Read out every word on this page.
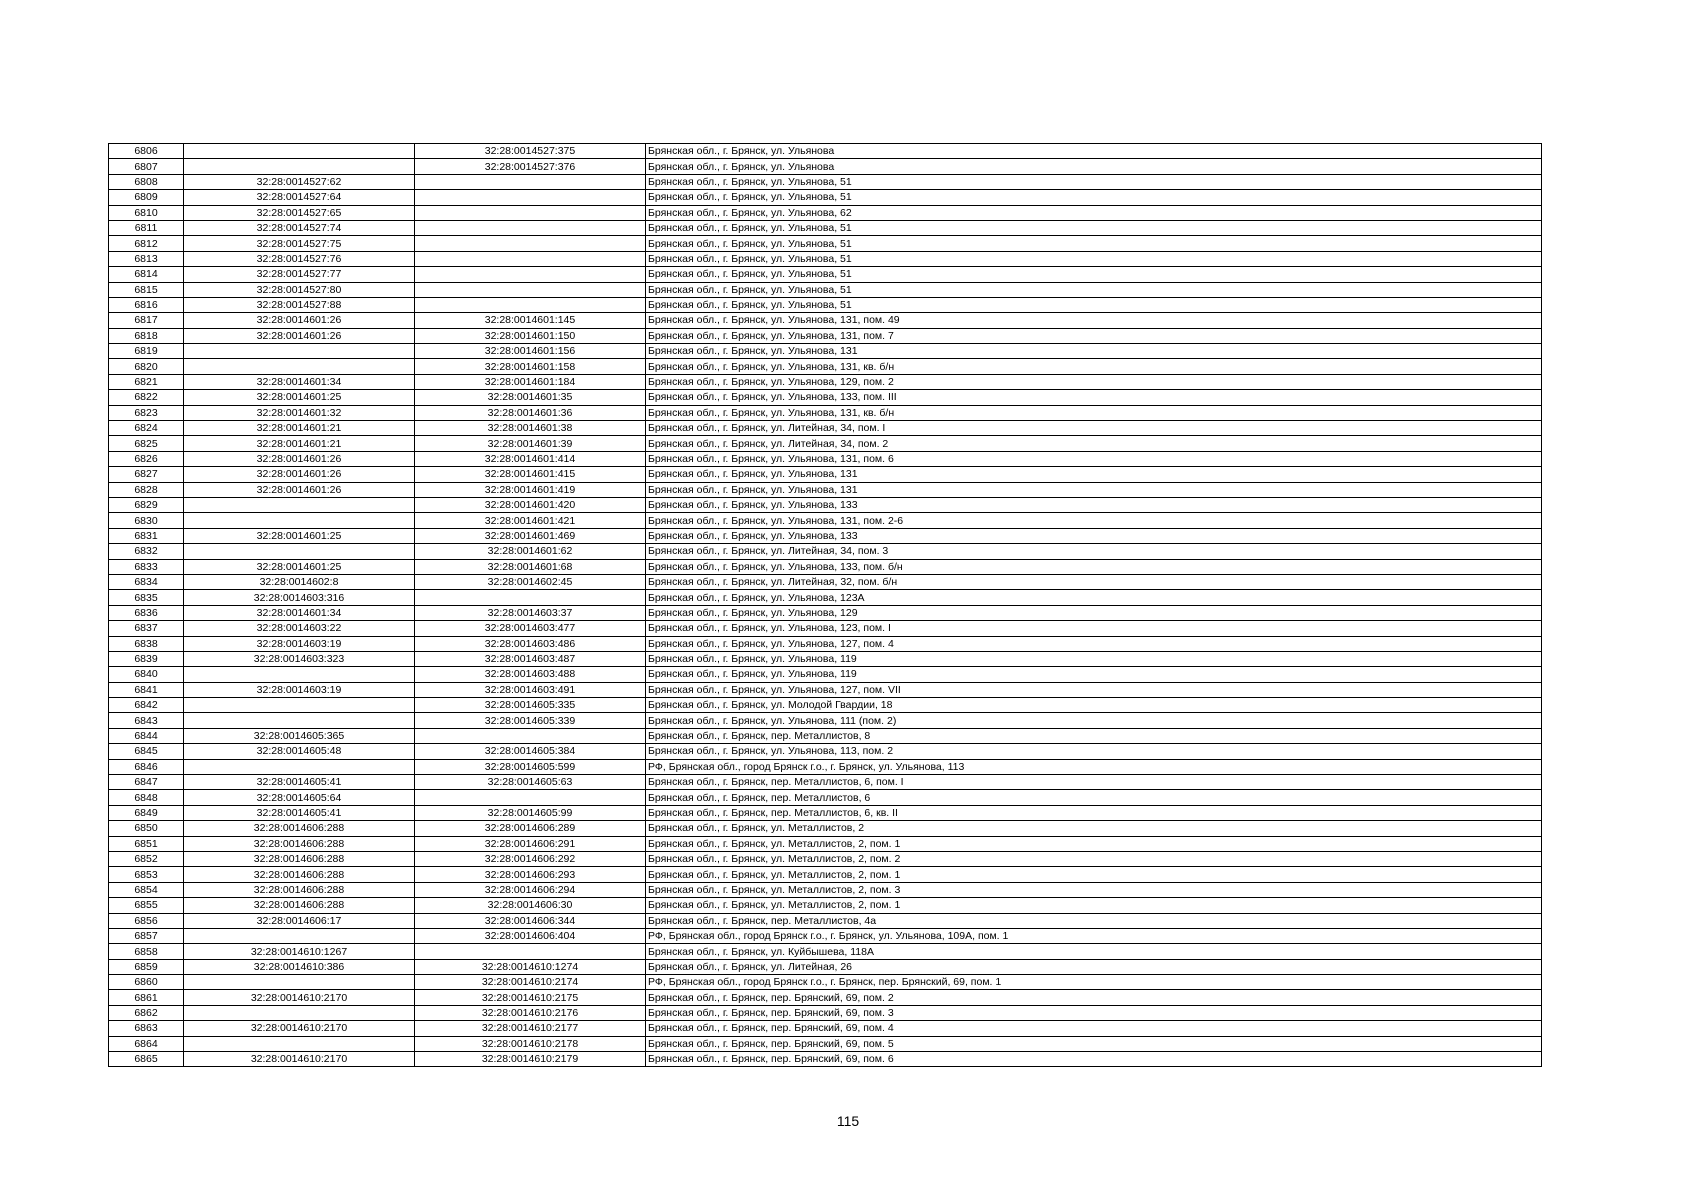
6806		32:28:0014527:375	Брянская обл., г. Брянск, ул. Ульянова
6807		32:28:0014527:376	Брянская обл., г. Брянск, ул. Ульянова
6808	32:28:0014527:62		Брянская обл., г. Брянск, ул. Ульянова, 51
6809	32:28:0014527:64		Брянская обл., г. Брянск, ул. Ульянова, 51
6810	32:28:0014527:65		Брянская обл., г. Брянск, ул. Ульянова, 62
6811	32:28:0014527:74		Брянская обл., г. Брянск, ул. Ульянова, 51
6812	32:28:0014527:75		Брянская обл., г. Брянск, ул. Ульянова, 51
6813	32:28:0014527:76		Брянская обл., г. Брянск, ул. Ульянова, 51
6814	32:28:0014527:77		Брянская обл., г. Брянск, ул. Ульянова, 51
6815	32:28:0014527:80		Брянская обл., г. Брянск, ул. Ульянова, 51
6816	32:28:0014527:88		Брянская обл., г. Брянск, ул. Ульянова, 51
6817	32:28:0014601:26	32:28:0014601:145	Брянская обл., г. Брянск, ул. Ульянова, 131, пом. 49
6818	32:28:0014601:26	32:28:0014601:150	Брянская обл., г. Брянск, ул. Ульянова, 131, пом. 7
6819		32:28:0014601:156	Брянская обл., г. Брянск, ул. Ульянова, 131
6820		32:28:0014601:158	Брянская обл., г. Брянск, ул. Ульянова, 131, кв. б/н
6821	32:28:0014601:34	32:28:0014601:184	Брянская обл., г. Брянск, ул. Ульянова, 129, пом. 2
6822	32:28:0014601:25	32:28:0014601:35	Брянская обл., г. Брянск, ул. Ульянова, 133, пом. III
6823	32:28:0014601:32	32:28:0014601:36	Брянская обл., г. Брянск, ул. Ульянова, 131, кв. б/н
6824	32:28:0014601:21	32:28:0014601:38	Брянская обл., г. Брянск, ул. Литейная, 34, пом. I
6825	32:28:0014601:21	32:28:0014601:39	Брянская обл., г. Брянск, ул. Литейная, 34, пом. 2
6826	32:28:0014601:26	32:28:0014601:414	Брянская обл., г. Брянск, ул. Ульянова, 131, пом. 6
6827	32:28:0014601:26	32:28:0014601:415	Брянская обл., г. Брянск, ул. Ульянова, 131
6828	32:28:0014601:26	32:28:0014601:419	Брянская обл., г. Брянск, ул. Ульянова, 131
6829		32:28:0014601:420	Брянская обл., г. Брянск, ул. Ульянова, 133
6830		32:28:0014601:421	Брянская обл., г. Брянск, ул. Ульянова, 131, пом. 2-6
6831	32:28:0014601:25	32:28:0014601:469	Брянская обл., г. Брянск, ул. Ульянова, 133
6832		32:28:0014601:62	Брянская обл., г. Брянск, ул. Литейная, 34, пом. 3
6833	32:28:0014601:25	32:28:0014601:68	Брянская обл., г. Брянск, ул. Ульянова, 133, пом. б/н
6834	32:28:0014602:8	32:28:0014602:45	Брянская обл., г. Брянск, ул. Литейная, 32, пом. б/н
6835	32:28:0014603:316		Брянская обл., г. Брянск, ул. Ульянова, 123А
6836	32:28:0014601:34	32:28:0014603:37	Брянская обл., г. Брянск, ул. Ульянова, 129
6837	32:28:0014603:22	32:28:0014603:477	Брянская обл., г. Брянск, ул. Ульянова, 123, пом. I
6838	32:28:0014603:19	32:28:0014603:486	Брянская обл., г. Брянск, ул. Ульянова, 127, пом. 4
6839	32:28:0014603:323	32:28:0014603:487	Брянская обл., г. Брянск, ул. Ульянова, 119
6840		32:28:0014603:488	Брянская обл., г. Брянск, ул. Ульянова, 119
6841	32:28:0014603:19	32:28:0014603:491	Брянская обл., г. Брянск, ул. Ульянова, 127, пом. VII
6842		32:28:0014605:335	Брянская обл., г. Брянск, ул. Молодой Гвардии, 18
6843		32:28:0014605:339	Брянская обл., г. Брянск, ул. Ульянова, 111 (пом. 2)
6844	32:28:0014605:365		Брянская обл., г. Брянск, пер. Металлистов, 8
6845	32:28:0014605:48	32:28:0014605:384	Брянская обл., г. Брянск, ул. Ульянова, 113, пом. 2
6846		32:28:0014605:599	РФ, Брянская обл., город Брянск г.о., г. Брянск, ул. Ульянова, 113
6847	32:28:0014605:41	32:28:0014605:63	Брянская обл., г. Брянск, пер. Металлистов, 6, пом. I
6848	32:28:0014605:64		Брянская обл., г. Брянск, пер. Металлистов, 6
6849	32:28:0014605:41	32:28:0014605:99	Брянская обл., г. Брянск, пер. Металлистов, 6, кв. II
6850	32:28:0014606:288	32:28:0014606:289	Брянская обл., г. Брянск, ул. Металлистов, 2
6851	32:28:0014606:288	32:28:0014606:291	Брянская обл., г. Брянск, ул. Металлистов, 2, пом. 1
6852	32:28:0014606:288	32:28:0014606:292	Брянская обл., г. Брянск, ул. Металлистов, 2, пом. 2
6853	32:28:0014606:288	32:28:0014606:293	Брянская обл., г. Брянск, ул. Металлистов, 2, пом. 1
6854	32:28:0014606:288	32:28:0014606:294	Брянская обл., г. Брянск, ул. Металлистов, 2, пом. 3
6855	32:28:0014606:288	32:28:0014606:30	Брянская обл., г. Брянск, ул. Металлистов, 2, пом. 1
6856	32:28:0014606:17	32:28:0014606:344	Брянская обл., г. Брянск, пер. Металлистов, 4а
6857		32:28:0014606:404	РФ, Брянская обл., город Брянск г.о., г. Брянск, ул. Ульянова, 109А, пом. 1
6858	32:28:0014610:1267		Брянская обл., г. Брянск, ул. Куйбышева, 118А
6859	32:28:0014610:386	32:28:0014610:1274	Брянская обл., г. Брянск, ул. Литейная, 26
6860		32:28:0014610:2174	РФ, Брянская обл., город Брянск г.о., г. Брянск, пер. Брянский, 69, пом. 1
6861	32:28:0014610:2170	32:28:0014610:2175	Брянская обл., г. Брянск, пер. Брянский, 69, пом. 2
6862		32:28:0014610:2176	Брянская обл., г. Брянск, пер. Брянский, 69, пом. 3
6863	32:28:0014610:2170	32:28:0014610:2177	Брянская обл., г. Брянск, пер. Брянский, 69, пом. 4
6864		32:28:0014610:2178	Брянская обл., г. Брянск, пер. Брянский, 69, пом. 5
6865	32:28:0014610:2170	32:28:0014610:2179	Брянская обл., г. Брянск, пер. Брянский, 69, пом. 6
115
